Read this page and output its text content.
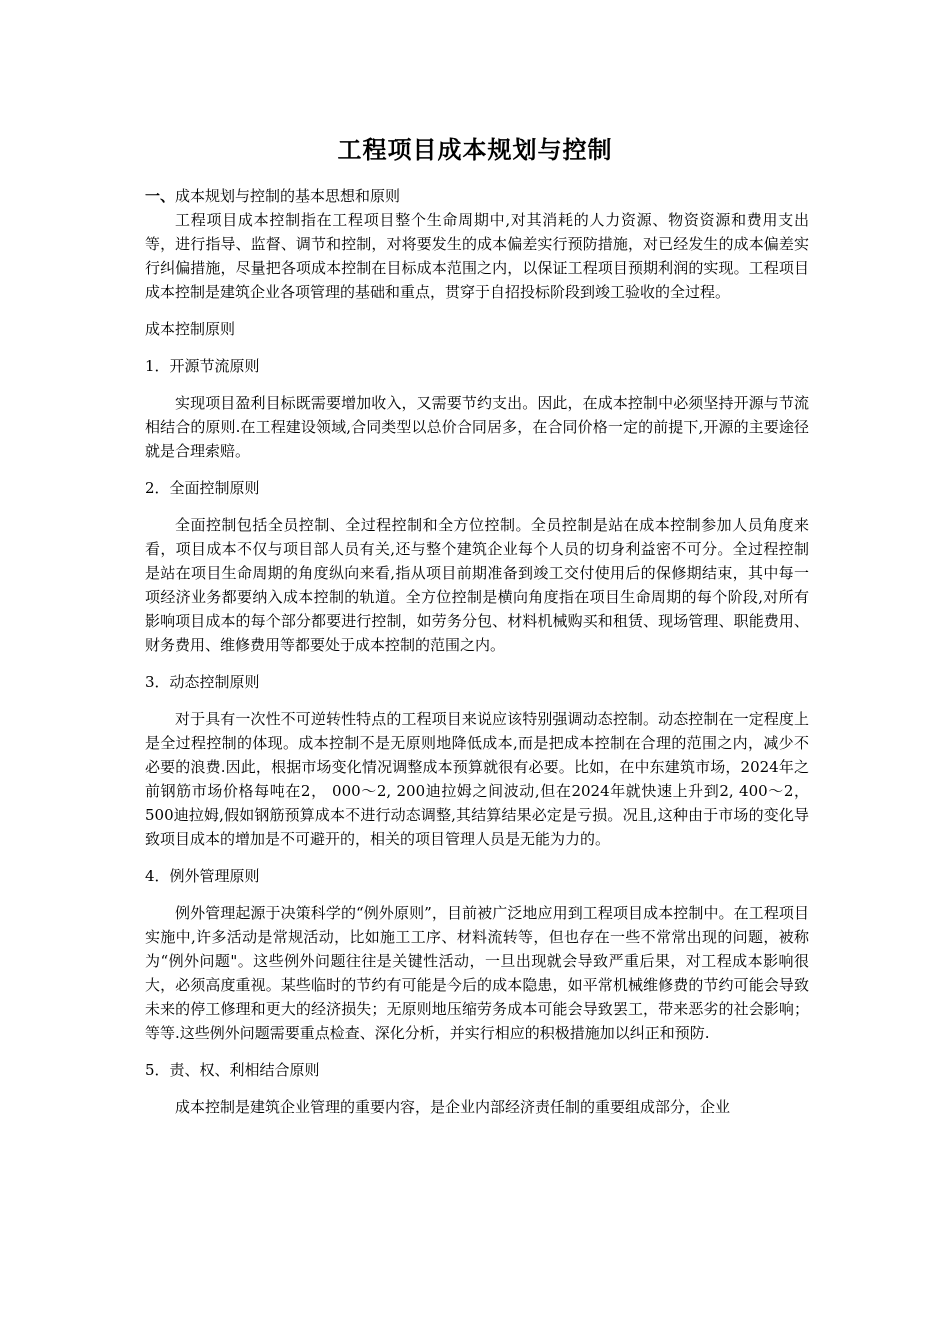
工程项目成本规划与控制

一、成本规划与控制的基本思想和原则

工程项目成本控制指在工程项目整个生命周期中,对其消耗的人力资源、物资资源和费用支出等，进行指导、监督、调节和控制，对将要发生的成本偏差实行预防措施，对已经发生的成本偏差实行纠偏措施，尽量把各项成本控制在目标成本范围之内，以保证工程项目预期利润的实现。工程项目成本控制是建筑企业各项管理的基础和重点，贯穿于自招投标阶段到竣工验收的全过程。

成本控制原则

1．开源节流原则

实现项目盈利目标既需要增加收入，又需要节约支出。因此，在成本控制中必须坚持开源与节流相结合的原则.在工程建设领域,合同类型以总价合同居多，在合同价格一定的前提下,开源的主要途径就是合理索赔。

2．全面控制原则

全面控制包括全员控制、全过程控制和全方位控制。全员控制是站在成本控制参加人员角度来看，项目成本不仅与项目部人员有关,还与整个建筑企业每个人员的切身利益密不可分。全过程控制是站在项目生命周期的角度纵向来看,指从项目前期准备到竣工交付使用后的保修期结束，其中每一项经济业务都要纳入成本控制的轨道。全方位控制是横向角度指在项目生命周期的每个阶段,对所有影响项目成本的每个部分都要进行控制，如劳务分包、材料机械购买和租赁、现场管理、职能费用、财务费用、维修费用等都要处于成本控制的范围之内。

3．动态控制原则

对于具有一次性不可逆转性特点的工程项目来说应该特别强调动态控制。动态控制在一定程度上是全过程控制的体现。成本控制不是无原则地降低成本,而是把成本控制在合理的范围之内，减少不必要的浪费.因此，根据市场变化情况调整成本预算就很有必要。比如，在中东建筑市场，2024年之前钢筋市场价格每吨在2， 000～2, 200迪拉姆之间波动,但在2024年就快速上升到2, 400～2， 500迪拉姆,假如钢筋预算成本不进行动态调整,其结算结果必定是亏损。况且,这种由于市场的变化导致项目成本的增加是不可避开的，相关的项目管理人员是无能为力的。

4．例外管理原则

例外管理起源于决策科学的“例外原则”，目前被广泛地应用到工程项目成本控制中。在工程项目实施中,许多活动是常规活动，比如施工工序、材料流转等，但也存在一些不常常出现的问题，被称为“例外问题"。这些例外问题往往是关键性活动，一旦出现就会导致严重后果，对工程成本影响很大，必须高度重视。某些临时的节约有可能是今后的成本隐患，如平常机械维修费的节约可能会导致未来的停工修理和更大的经济损失；无原则地压缩劳务成本可能会导致罢工，带来恶劣的社会影响；等等.这些例外问题需要重点检查、深化分析，并实行相应的积极措施加以纠正和预防.

5．责、权、利相结合原则

成本控制是建筑企业管理的重要内容，是企业内部经济责任制的重要组成部分，企业
